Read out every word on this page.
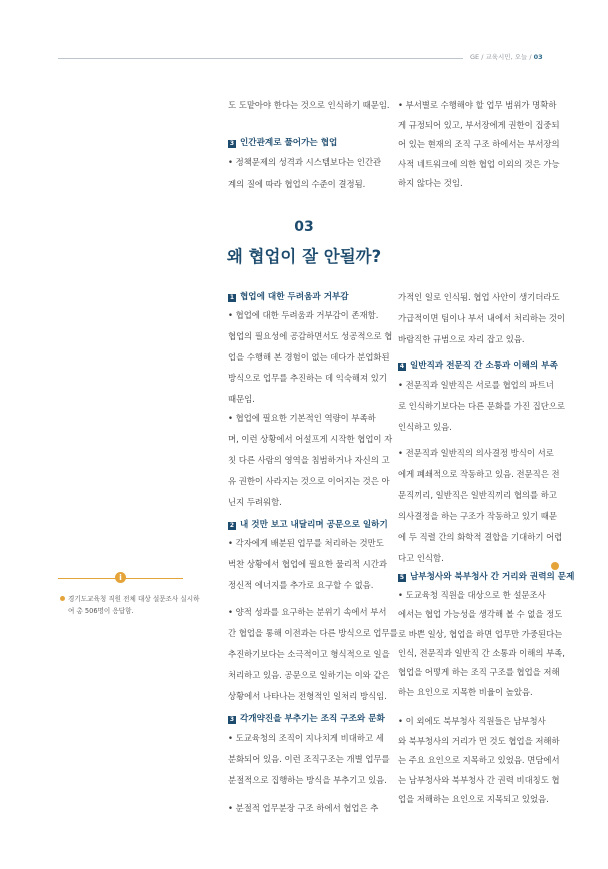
GE / 교육시민, 오늘 / 03
도 도맡아야 한다는 것으로 인식하기 때문임.
3 인간관계로 풀어가는 협업
• 정책문제의 성격과 시스템보다는 인간관
계의 질에 따라 협업의 수준이 결정됨.
• 부서별로 수행해야 할 업무 범위가 명확하
게 규정되어 있고, 부서장에게 권한이 집중되
어 있는 현재의 조직 구조 하에서는 부서장의
사적 네트워크에 의한 협업 이외의 것은 가능
하지 않다는 것임.
03
왜 협업이 잘 안될까?
1 협업에 대한 두려움과 거부감
• 협업에 대한 두려움과 거부감이 존재함.
협업의 필요성에 공감하면서도 성공적으로 협
업을 수행해 본 경험이 없는 데다가 분업화된
방식으로 업무를 추진하는 데 익숙해져 있기
때문임.
• 협업에 필요한 기본적인 역량이 부족하
며, 이런 상황에서 어설프게 시작한 협업이 자
칫 다른 사람의 영역을 침범하거나 자신의 고
유 권한이 사라지는 것으로 이어지는 것은 아
닌지 두려워함.
2 내 것만 보고 내달리며 공문으로 일하기
• 각자에게 배분된 업무를 처리하는 것만도
벅찬 상황에서 협업에 필요한 물리적 시간과
정신적 에너지를 추가로 요구할 수 없음.
• 양적 성과를 요구하는 분위기 속에서 부서
간 협업을 통해 이전과는 다른 방식으로 업무를
추진하기보다는 소극적이고 형식적으로 일을
처리하고 있음. 공문으로 일하기는 이와 같은
상황에서 나타나는 전형적인 일처리 방식임.
3 각개약진을 부추기는 조직 구조와 문화
• 도교육청의 조직이 지나치게 비대하고 세
분화되어 있음. 이런 조직구조는 개별 업무를
분절적으로 집행하는 방식을 부추기고 있음.
• 분절적 업무분장 구조 하에서 협업은 추
가적인 일로 인식됨. 협업 사안이 생기더라도
가급적이면 팀이나 부서 내에서 처리하는 것이
바람직한 규범으로 자리 잡고 있음.
4 일반직과 전문직 간 소통과 이해의 부족
• 전문직과 일반직은 서로를 협업의 파트너
로 인식하기보다는 다른 문화를 가진 집단으로
인식하고 있음.
• 전문직과 일반직의 의사결정 방식이 서로
에게 폐쇄적으로 작동하고 있음. 전문직은 전
문직끼리, 일반직은 일반직끼리 협의를 하고
의사결정을 하는 구조가 작동하고 있기 때문
에 두 직렬 간의 화학적 결합을 기대하기 어렵
다고 인식함.
5 남부청사와 북부청사 간 거리와 권력의 문제
• 도교육청 직원을 대상으로 한 설문조사
에서는 협업 가능성을 생각해 볼 수 없을 정도
로 바쁜 일상, 협업을 하면 업무만 가중된다는
인식, 전문직과 일반직 간 소통과 이해의 부족,
협업을 어떻게 하는 조직 구조를 협업을 저해
하는 요인으로 지목한 비율이 높았음.
• 이 외에도 북부청사 직원들은 남부청사
와 북부청사의 거리가 먼 것도 협업을 저해하
는 주요 요인으로 지목하고 있었음. 면담에서
는 남부청사와 북부청사 간 권력 비대칭도 협
업을 저해하는 요인으로 지목되고 있었음.
i
경기도교육청 직원 전체 대상 설문조사 실시하
여 총 506명이 응답함.
